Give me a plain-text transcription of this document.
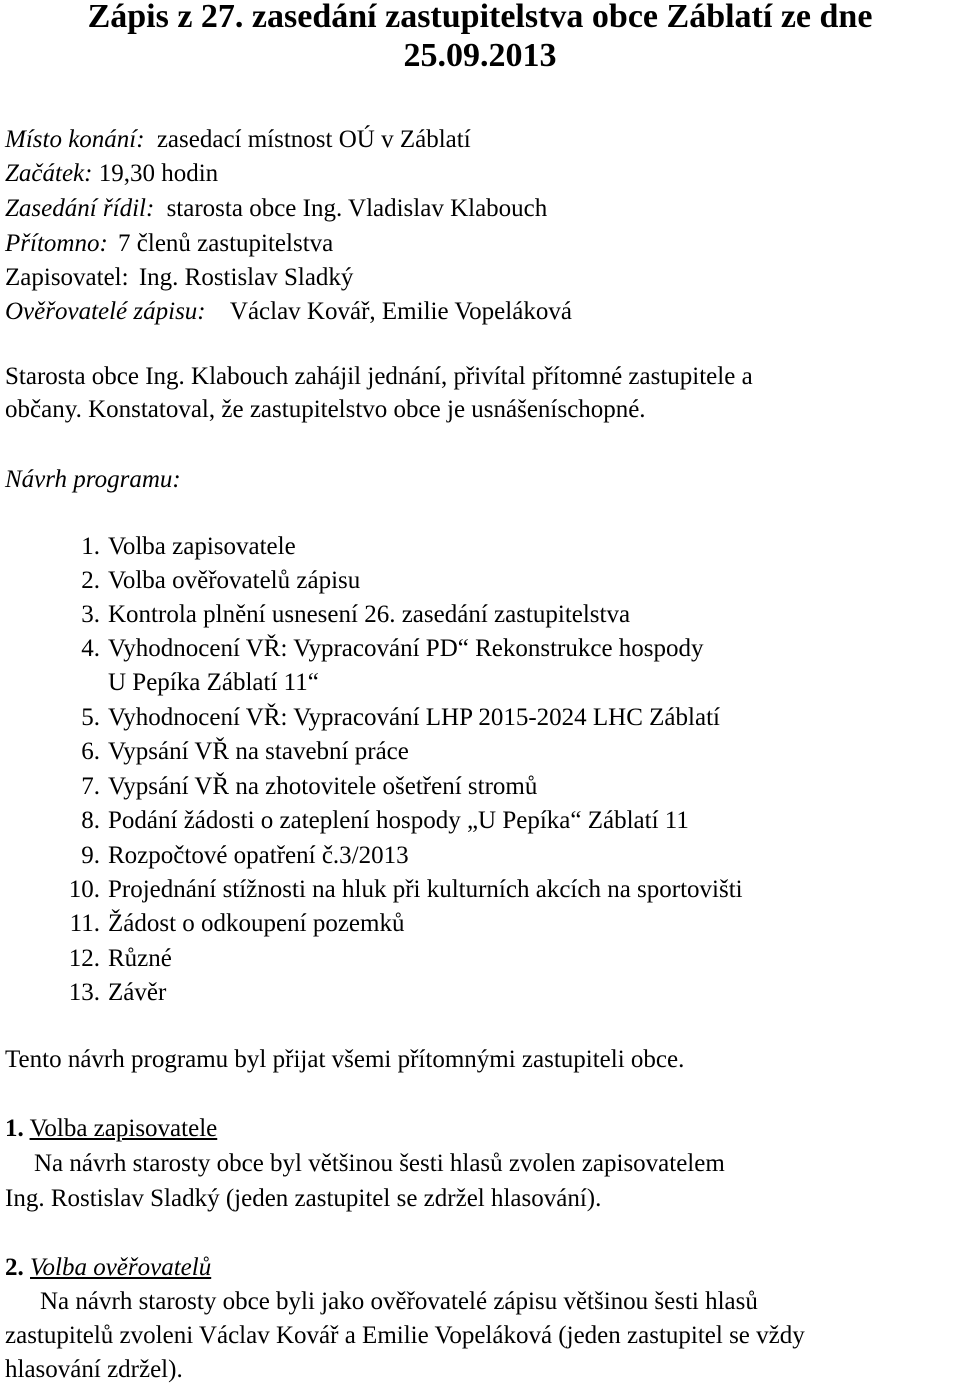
Zápis z 27. zasedání zastupitelstva obce Záblatí ze dne
25.09.2013
Místo konání: zasedací místnost OÚ v Záblatí
Začátek: 19,30 hodin
Zasedání řídil: starosta obce Ing. Vladislav Klabouch
Přítomno: 7 členů zastupitelstva
Zapisovatel: Ing. Rostislav Sladký
Ověřovatelé zápisu: Václav Kovář, Emilie Vopeláková
Starosta obce Ing. Klabouch zahájil jednání, přivítal přítomné zastupitele a
občany. Konstatoval, že zastupitelstvo obce je usnášeníschopné.
Návrh programu:
1. Volba zapisovatele
2. Volba ověřovatelů zápisu
3. Kontrola plnění usnesení 26. zasedání zastupitelstva
4. Vyhodnocení VŘ: Vypracování PD“ Rekonstrukce hospody
U Pepíka Záblatí 11“
5. Vyhodnocení VŘ: Vypracování LHP 2015-2024 LHC Záblatí
6. Vypsání VŘ na stavební práce
7. Vypsání VŘ na zhotovitele ošetření stromů
8. Podání žádosti o zateplení hospody „U Pepíka“ Záblatí 11
9. Rozpočtové opatření č.3/2013
10. Projednání stížnosti na hluk při kulturních akcích na sportovišti
11. Žádost o odkoupení pozemků
12. Různé
13. Závěr
Tento návrh programu byl přijat všemi přítomnými zastupiteli obce.
1. Volba zapisovatele
Na návrh starosty obce byl většinou šesti hlasů zvolen zapisovatelem
Ing. Rostislav Sladký (jeden zastupitel se zdržel hlasování).
2. Volba ověřovatelů
Na návrh starosty obce byli jako ověřovatelé zápisu většinou šesti hlasů
zastupitelů zvoleni Václav Kovář a Emilie Vopeláková (jeden zastupitel se vždy
hlasování zdržel).
